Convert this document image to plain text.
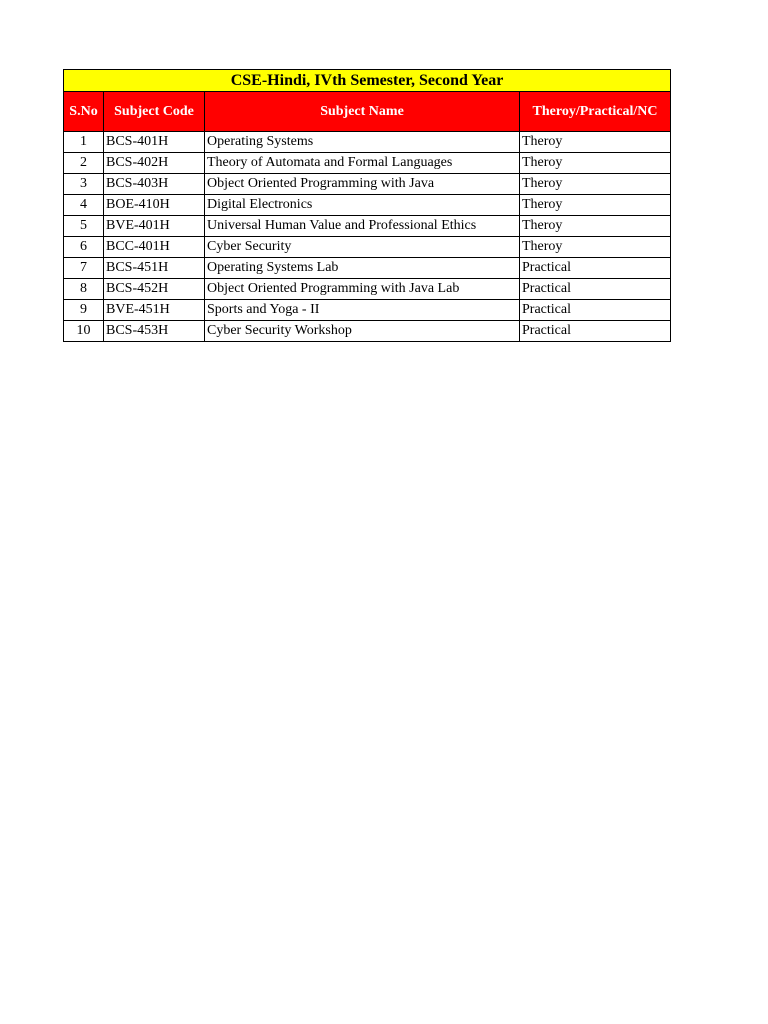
CSE-Hindi, IVth Semester, Second Year			
S.No	Subject Code	Subject Name	Theroy/Practical/NC
1	BCS-401H	Operating Systems	Theroy
2	BCS-402H	Theory of Automata and Formal Languages	Theroy
3	BCS-403H	Object Oriented Programming with Java	Theroy
4	BOE-410H	Digital Electronics	Theroy
5	BVE-401H	Universal Human Value and Professional Ethics	Theroy
6	BCC-401H	Cyber Security	Theroy
7	BCS-451H	Operating Systems Lab	Practical
8	BCS-452H	Object Oriented Programming with Java Lab	Practical
9	BVE-451H	Sports and Yoga - II	Practical
10	BCS-453H	Cyber Security Workshop	Practical
